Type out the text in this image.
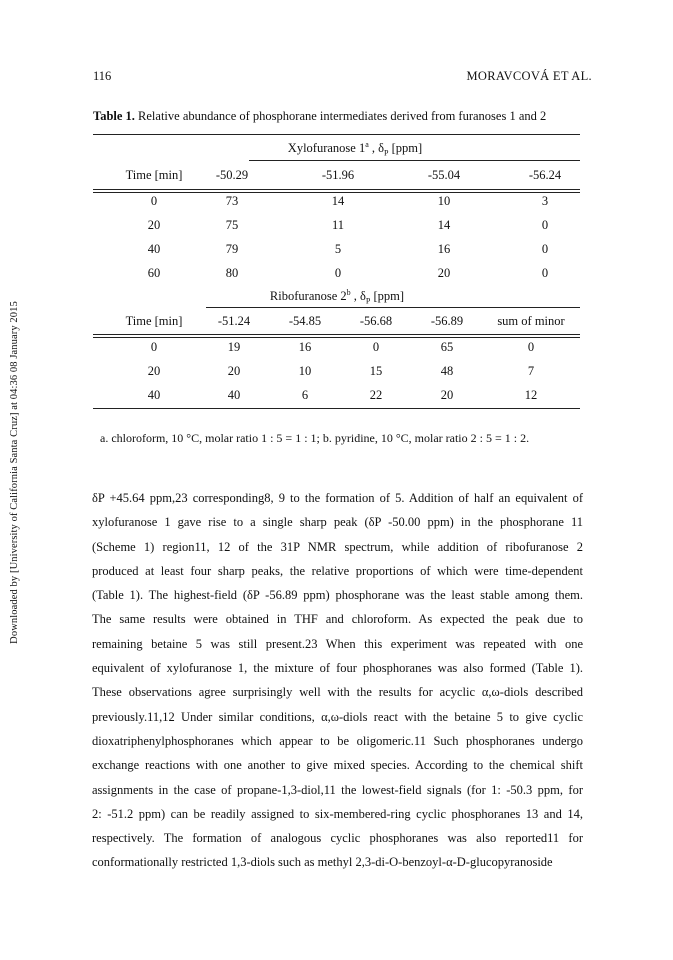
Downloaded by [University of California Santa Cruz] at 04:36 08 January 2015
116	MORAVCOVÁ ET AL.
Table 1. Relative abundance of phosphorane intermediates derived from furanoses 1 and 2
Xylofuranose 1$^a$ , $\delta_P$ [ppm]
Time [min]	-50.29	-51.96	-55.04	-56.24
0	73	14	10	3
20	75	11	14	0
40	79	5	16	0
60	80	0	20	0
Ribofuranose 2$^b$ , $\delta_P$ [ppm]
Time [min]	-51.24	-54.85	-56.68	-56.89	sum of minor
0	19	16	0	65	0
20	20	10	15	48	7
40	40	6	22	20	12
a. chloroform, 10 °C, molar ratio 1 : 5 = 1 : 1; b. pyridine, 10 °C, molar ratio 2 : 5 = 1 : 2.
δP +45.64 ppm,23 corresponding8, 9 to the formation of 5. Addition of half an equivalent of
xylofuranose 1 gave rise to a single sharp peak (δP -50.00 ppm) in the phosphorane 11
(Scheme 1) region11, 12 of the 31P NMR spectrum, while addition of ribofuranose 2
produced at least four sharp peaks, the relative proportions of which were time-dependent
(Table 1). The highest-field (δP -56.89 ppm) phosphorane was the least stable among them.
The same results were obtained in THF and chloroform. As expected the peak due to
remaining betaine 5 was still present.23 When this experiment was repeated with one
equivalent of xylofuranose 1, the mixture of four phosphoranes was also formed (Table 1).
These observations agree surprisingly well with the results for acyclic α,ω-diols described
previously.11,12 Under similar conditions, α,ω-diols react with the betaine 5 to give cyclic
dioxatriphenylphosphoranes which appear to be oligomeric.11 Such phosphoranes undergo
exchange reactions with one another to give mixed species. According to the chemical shift
assignments in the case of propane-1,3-diol,11 the lowest-field signals (for 1: -50.3 ppm, for
2: -51.2 ppm) can be readily assigned to six-membered-ring cyclic phosphoranes 13 and 14,
respectively. The formation of analogous cyclic phosphoranes was also reported11 for
conformationally restricted 1,3-diols such as methyl 2,3-di-O-benzoyl-α-D-glucopyranoside
